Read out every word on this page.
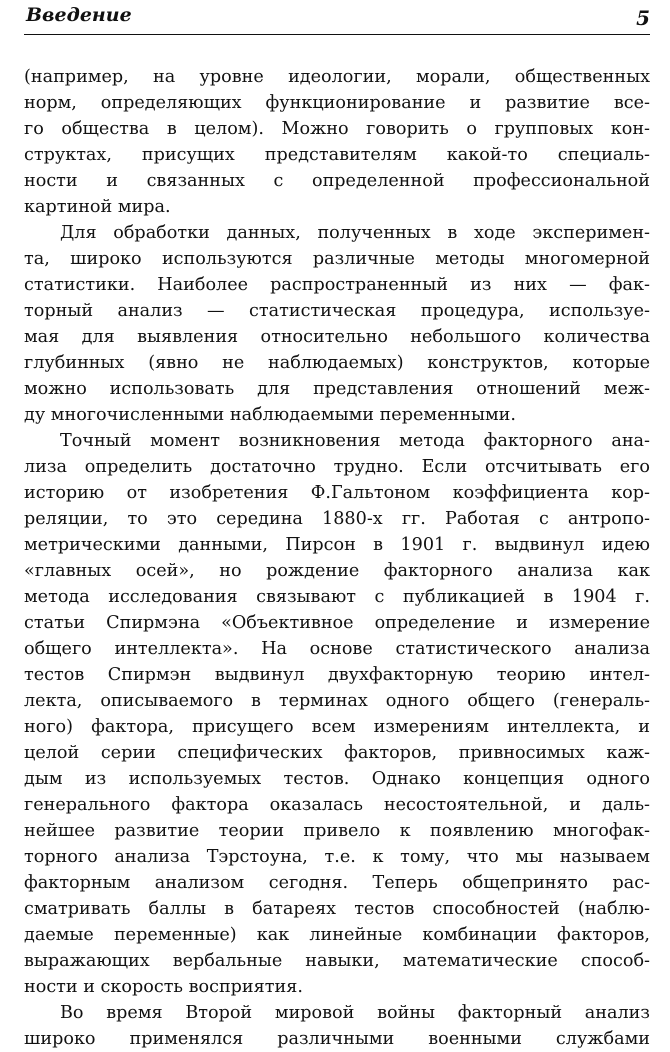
Введение	5
(например, на уровне идеологии, морали, общественных
норм, определяющих функционирование и развитие все-
го общества в целом). Можно говорить о групповых кон-
структах, присущих представителям какой-то специаль-
ности и связанных с определенной профессиональной
картиной мира.
Для обработки данных, полученных в ходе эксперимен-
та, широко используются различные методы многомерной
статистики. Наиболее распространенный из них — фак-
торный анализ — статистическая процедура, используе-
мая для выявления относительно небольшого количества
глубинных (явно не наблюдаемых) конструктов, которые
можно использовать для представления отношений меж-
ду многочисленными наблюдаемыми переменными.
Точный момент возникновения метода факторного ана-
лиза определить достаточно трудно. Если отсчитывать его
историю от изобретения Ф.Гальтоном коэффициента кор-
реляции, то это середина 1880-х гг. Работая с антропо-
метрическими данными, Пирсон в 1901 г. выдвинул идею
«главных осей», но рождение факторного анализа как
метода исследования связывают с публикацией в 1904 г.
статьи Спирмэна «Объективное определение и измерение
общего интеллекта». На основе статистического анализа
тестов Спирмэн выдвинул двухфакторную теорию интел-
лекта, описываемого в терминах одного общего (генераль-
ного) фактора, присущего всем измерениям интеллекта, и
целой серии специфических факторов, привносимых каж-
дым из используемых тестов. Однако концепция одного
генерального фактора оказалась несостоятельной, и даль-
нейшее развитие теории привело к появлению многофак-
торного анализа Тэрстоуна, т.е. к тому, что мы называем
факторным анализом сегодня. Теперь общепринято рас-
сматривать баллы в батареях тестов способностей (наблю-
даемые переменные) как линейные комбинации факторов,
выражающих вербальные навыки, математические способ-
ности и скорость восприятия.
Во время Второй мировой войны факторный анализ
широко применялся различными военными службами
